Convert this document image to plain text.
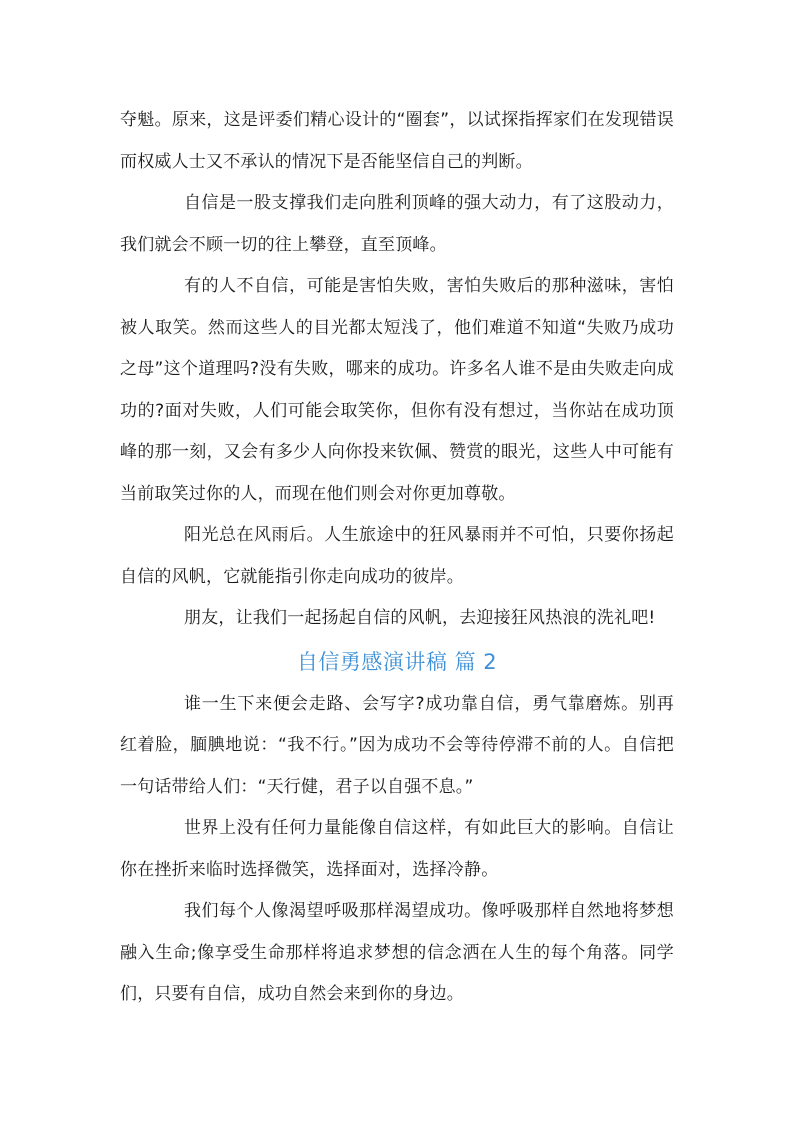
夺魁。原来，这是评委们精心设计的“圈套”，以试探指挥家们在发现错误而权威人士又不承认的情况下是否能坚信自己的判断。

自信是一股支撑我们走向胜利顶峰的强大动力，有了这股动力，我们就会不顾一切的往上攀登，直至顶峰。

有的人不自信，可能是害怕失败，害怕失败后的那种滋味，害怕被人取笑。然而这些人的目光都太短浅了，他们难道不知道“失败乃成功之母”这个道理吗?没有失败，哪来的成功。许多名人谁不是由失败走向成功的?面对失败，人们可能会取笑你，但你有没有想过，当你站在成功顶峰的那一刻，又会有多少人向你投来钦佩、赞赏的眼光，这些人中可能有当前取笑过你的人，而现在他们则会对你更加尊敬。

阳光总在风雨后。人生旅途中的狂风暴雨并不可怕，只要你扬起自信的风帆，它就能指引你走向成功的彼岸。

朋友，让我们一起扬起自信的风帆，去迎接狂风热浪的洗礼吧!

自信勇感演讲稿 篇 2

谁一生下来便会走路、会写字?成功靠自信，勇气靠磨炼。别再红着脸，腼腆地说：“我不行。”因为成功不会等待停滞不前的人。自信把一句话带给人们：“天行健，君子以自强不息。”

世界上没有任何力量能像自信这样，有如此巨大的影响。自信让你在挫折来临时选择微笑，选择面对，选择冷静。

我们每个人像渴望呼吸那样渴望成功。像呼吸那样自然地将梦想融入生命;像享受生命那样将追求梦想的信念洒在人生的每个角落。同学们，只要有自信，成功自然会来到你的身边。
